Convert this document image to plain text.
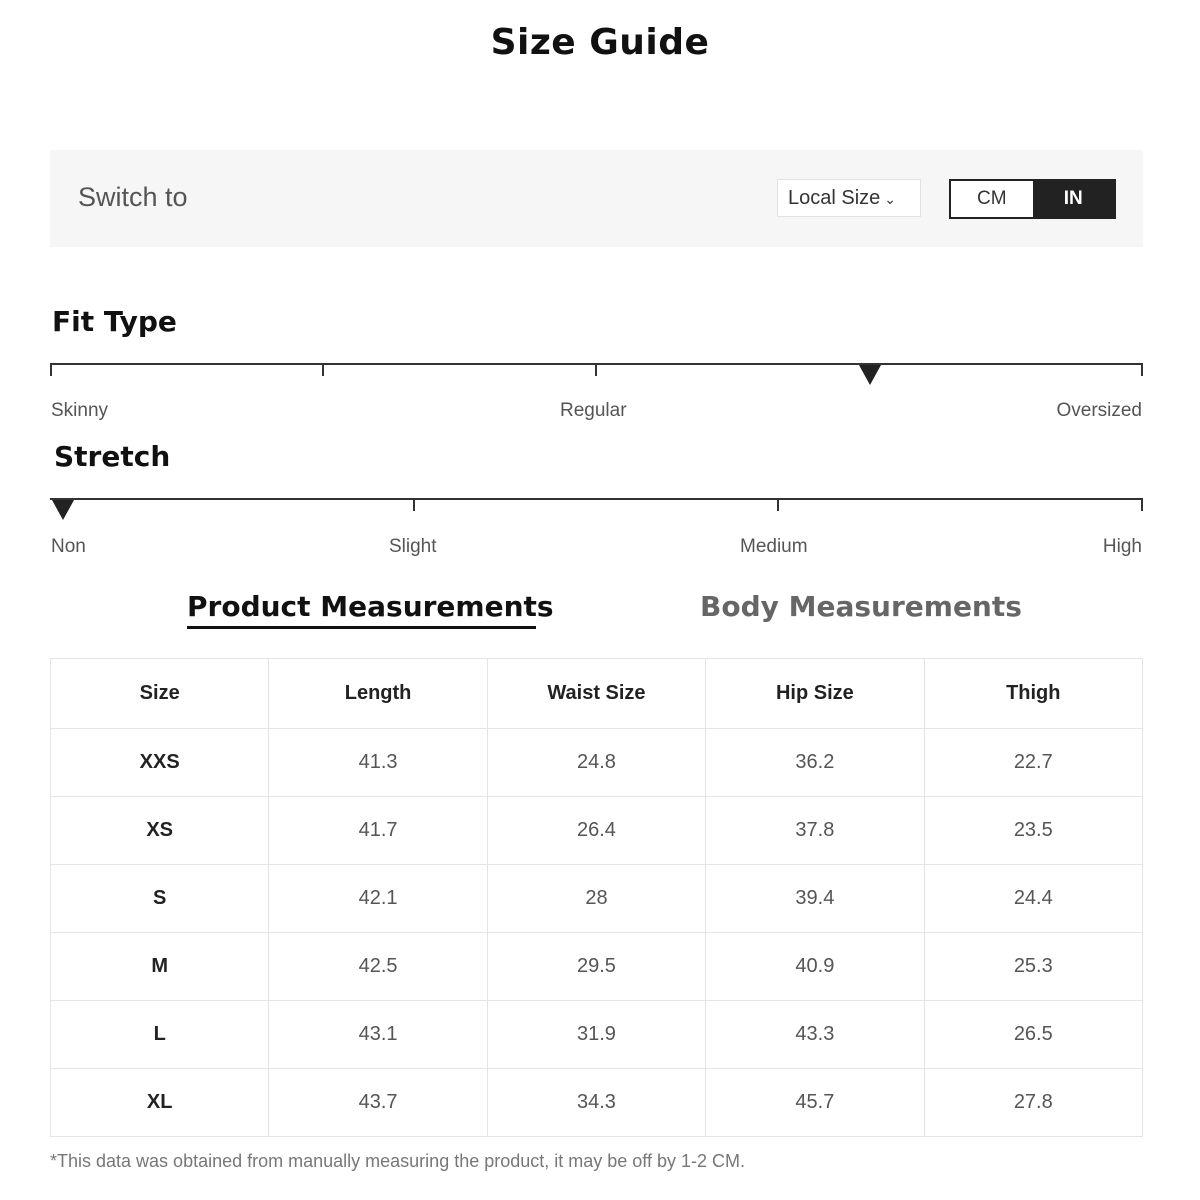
Size Guide
Switch to	Local Size ⌄	CM	IN
Fit Type
Skinny	Regular	Oversized
Stretch
Non	Slight	Medium	High
Product Measurements	Body Measurements
Size	Length	Waist Size	Hip Size	Thigh
XXS	41.3	24.8	36.2	22.7
XS	41.7	26.4	37.8	23.5
S	42.1	28	39.4	24.4
M	42.5	29.5	40.9	25.3
L	43.1	31.9	43.3	26.5
XL	43.7	34.3	45.7	27.8
*This data was obtained from manually measuring the product, it may be off by 1-2 CM.
